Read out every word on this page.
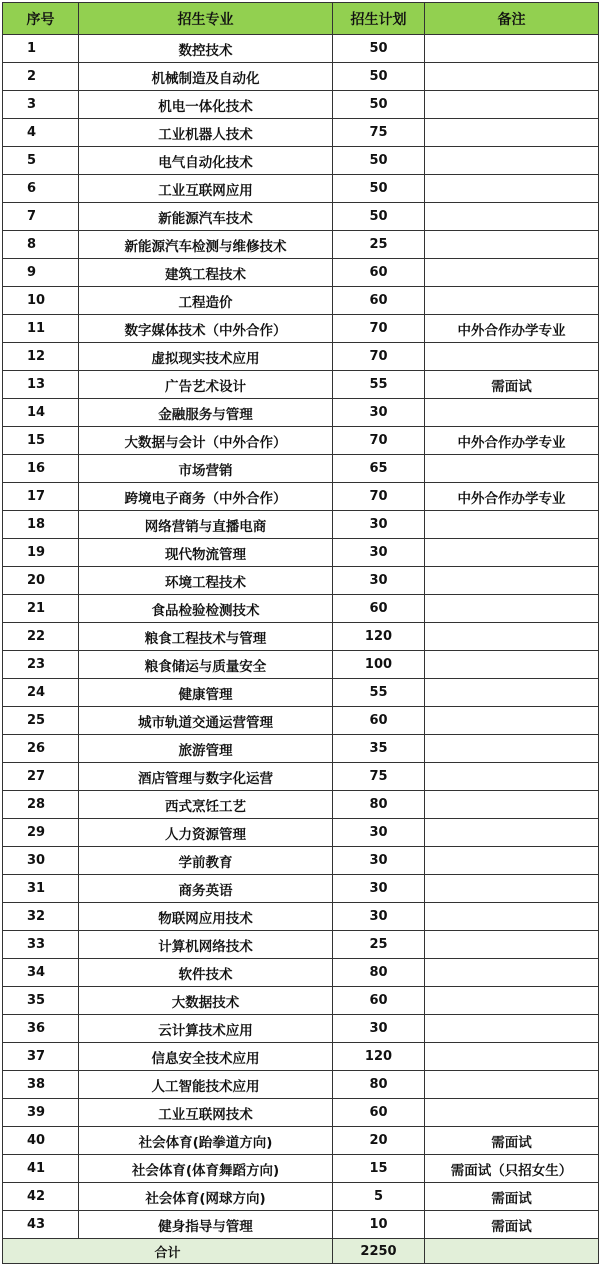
序号	招生专业	招生计划	备注
1	数控技术	50	
2	机械制造及自动化	50	
3	机电一体化技术	50	
4	工业机器人技术	75	
5	电气自动化技术	50	
6	工业互联网应用	50	
7	新能源汽车技术	50	
8	新能源汽车检测与维修技术	25	
9	建筑工程技术	60	
10	工程造价	60	
11	数字媒体技术（中外合作）	70	中外合作办学专业
12	虚拟现实技术应用	70	
13	广告艺术设计	55	需面试
14	金融服务与管理	30	
15	大数据与会计（中外合作）	70	中外合作办学专业
16	市场营销	65	
17	跨境电子商务（中外合作）	70	中外合作办学专业
18	网络营销与直播电商	30	
19	现代物流管理	30	
20	环境工程技术	30	
21	食品检验检测技术	60	
22	粮食工程技术与管理	120	
23	粮食储运与质量安全	100	
24	健康管理	55	
25	城市轨道交通运营管理	60	
26	旅游管理	35	
27	酒店管理与数字化运营	75	
28	西式烹饪工艺	80	
29	人力资源管理	30	
30	学前教育	30	
31	商务英语	30	
32	物联网应用技术	30	
33	计算机网络技术	25	
34	软件技术	80	
35	大数据技术	60	
36	云计算技术应用	30	
37	信息安全技术应用	120	
38	人工智能技术应用	80	
39	工业互联网技术	60	
40	社会体育(跆拳道方向)	20	需面试
41	社会体育(体育舞蹈方向)	15	需面试（只招女生）
42	社会体育(网球方向)	5	需面试
43	健身指导与管理	10	需面试
合计		2250	
